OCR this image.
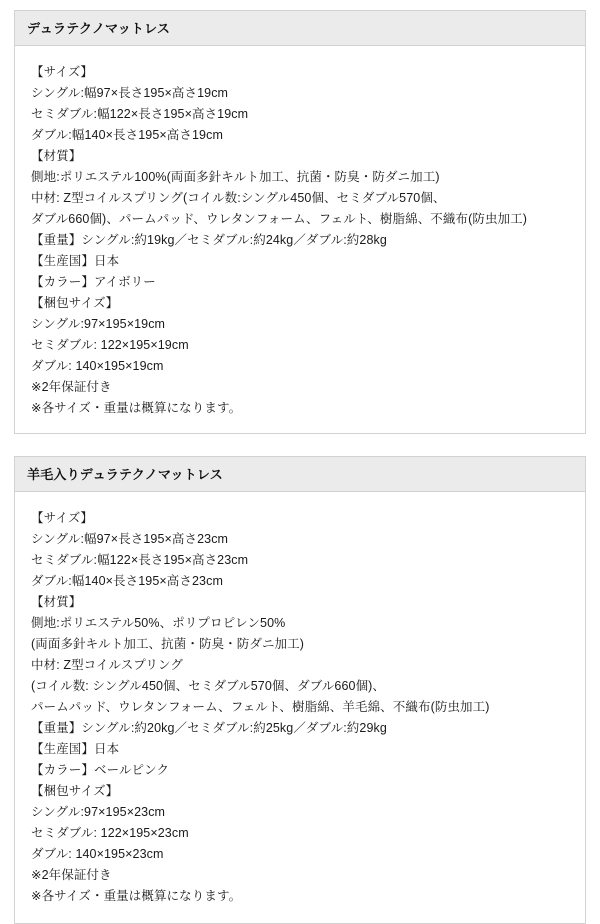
デュラテクノマットレス
【サイズ】
シングル:幅97×長さ195×高さ19cm
セミダブル:幅122×長さ195×高さ19cm
ダブル:幅140×長さ195×高さ19cm
【材質】
側地:ポリエステル100%(両面多針キルト加工、抗菌・防臭・防ダニ加工)
中材: Z型コイルスプリング(コイル数:シングル450個、セミダブル570個、
ダブル660個)、パームパッド、ウレタンフォーム、フェルト、樹脂綿、不織布(防虫加工)
【重量】シングル:約19kg／セミダブル:約24kg／ダブル:約28kg
【生産国】日本
【カラー】アイボリー
【梱包サイズ】
シングル:97×195×19cm
セミダブル: 122×195×19cm
ダブル: 140×195×19cm
※2年保証付き
※各サイズ・重量は概算になります。
羊毛入りデュラテクノマットレス
【サイズ】
シングル:幅97×長さ195×高さ23cm
セミダブル:幅122×長さ195×高さ23cm
ダブル:幅140×長さ195×高さ23cm
【材質】
側地:ポリエステル50%、ポリプロピレン50%
(両面多針キルト加工、抗菌・防臭・防ダニ加工)
中材: Z型コイルスプリング
(コイル数: シングル450個、セミダブル570個、ダブル660個)、
パームパッド、ウレタンフォーム、フェルト、樹脂綿、羊毛綿、不織布(防虫加工)
【重量】シングル:約20kg／セミダブル:約25kg／ダブル:約29kg
【生産国】日本
【カラー】ベールピンク
【梱包サイズ】
シングル:97×195×23cm
セミダブル: 122×195×23cm
ダブル: 140×195×23cm
※2年保証付き
※各サイズ・重量は概算になります。
